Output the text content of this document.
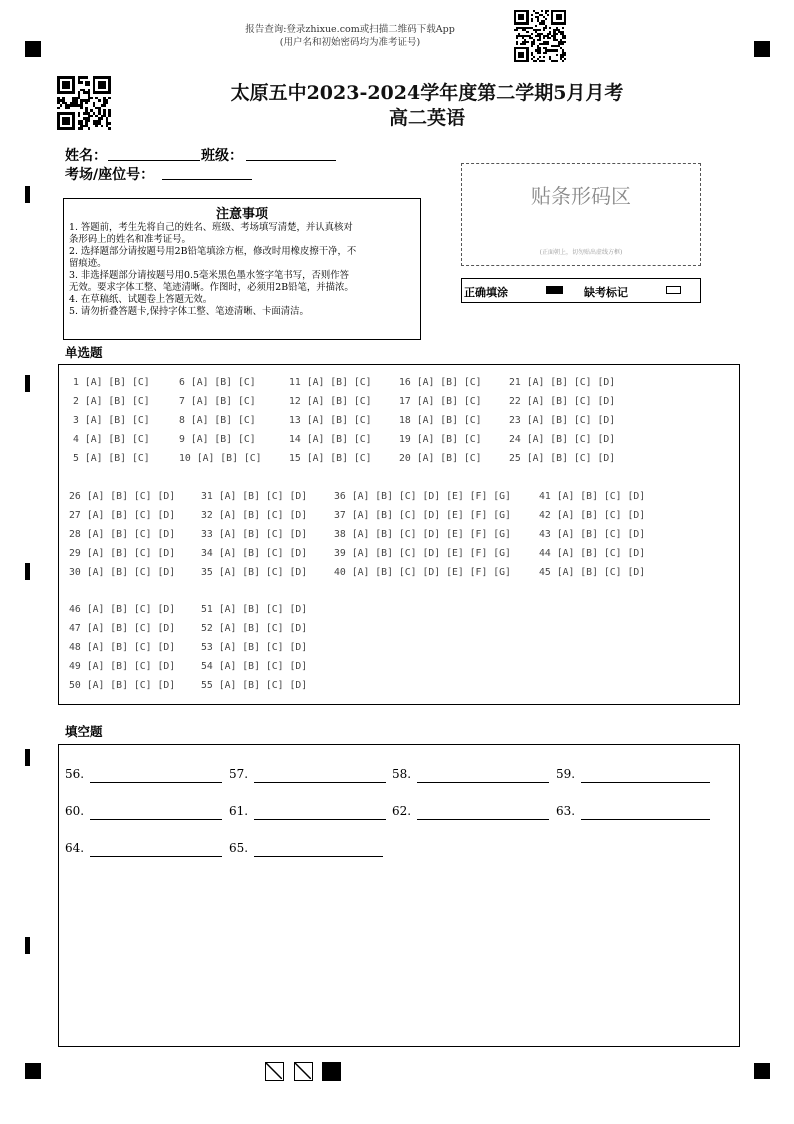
报告查询:登录zhixue.com或扫描二维码下载App
(用户名和初始密码均为准考证号)
太原五中2023-2024学年度第二学期5月月考
高二英语
姓名：	班级：
考场/座位号：
注意事项
1. 答题前，考生先将自己的姓名、班级、考场填写清楚，并认真核对
条形码上的姓名和准考证号。
2. 选择题部分请按题号用2B铅笔填涂方框，修改时用橡皮擦干净，不
留痕迹。
3. 非选择题部分请按题号用0.5毫米黑色墨水签字笔书写，否则作答
无效。要求字体工整、笔迹清晰。作图时，必须用2B铅笔，并描浓。
4. 在草稿纸、试题卷上答题无效。
5. 请勿折叠答题卡,保持字体工整、笔迹清晰、卡面清洁。
贴条形码区
(正面朝上，切勿贴出虚线方框)
正确填涂	缺考标记
单选题
1 [A] [B] [C]
2 [A] [B] [C]
3 [A] [B] [C]
4 [A] [B] [C]
5 [A] [B] [C]
6 [A] [B] [C]
7 [A] [B] [C]
8 [A] [B] [C]
9 [A] [B] [C]
10 [A] [B] [C]
11 [A] [B] [C]
12 [A] [B] [C]
13 [A] [B] [C]
14 [A] [B] [C]
15 [A] [B] [C]
16 [A] [B] [C]
17 [A] [B] [C]
18 [A] [B] [C]
19 [A] [B] [C]
20 [A] [B] [C]
21 [A] [B] [C] [D]
22 [A] [B] [C] [D]
23 [A] [B] [C] [D]
24 [A] [B] [C] [D]
25 [A] [B] [C] [D]
26 [A] [B] [C] [D]
27 [A] [B] [C] [D]
28 [A] [B] [C] [D]
29 [A] [B] [C] [D]
30 [A] [B] [C] [D]
31 [A] [B] [C] [D]
32 [A] [B] [C] [D]
33 [A] [B] [C] [D]
34 [A] [B] [C] [D]
35 [A] [B] [C] [D]
36 [A] [B] [C] [D] [E] [F] [G]
37 [A] [B] [C] [D] [E] [F] [G]
38 [A] [B] [C] [D] [E] [F] [G]
39 [A] [B] [C] [D] [E] [F] [G]
40 [A] [B] [C] [D] [E] [F] [G]
41 [A] [B] [C] [D]
42 [A] [B] [C] [D]
43 [A] [B] [C] [D]
44 [A] [B] [C] [D]
45 [A] [B] [C] [D]
46 [A] [B] [C] [D]
47 [A] [B] [C] [D]
48 [A] [B] [C] [D]
49 [A] [B] [C] [D]
50 [A] [B] [C] [D]
51 [A] [B] [C] [D]
52 [A] [B] [C] [D]
53 [A] [B] [C] [D]
54 [A] [B] [C] [D]
55 [A] [B] [C] [D]
填空题
56.	57.	58.	59.
60.	61.	62.	63.
64.	65.
